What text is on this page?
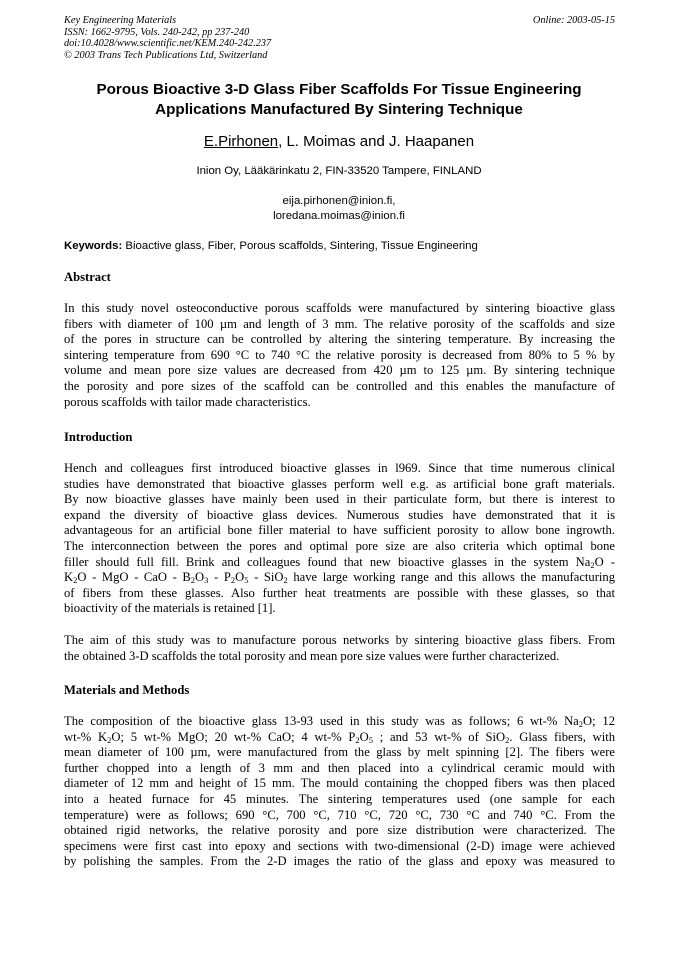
Key Engineering Materials
ISSN: 1662-9795, Vols. 240-242, pp 237-240
doi:10.4028/www.scientific.net/KEM.240-242.237
© 2003 Trans Tech Publications Ltd, Switzerland
Online: 2003-05-15
Porous Bioactive 3-D Glass Fiber Scaffolds For Tissue Engineering
Applications Manufactured By Sintering Technique
E.Pirhonen, L. Moimas and J. Haapanen
Inion Oy, Lääkärinkatu 2, FIN-33520 Tampere, FINLAND
eija.pirhonen@inion.fi,
loredana.moimas@inion.fi
Keywords: Bioactive glass, Fiber, Porous scaffolds, Sintering, Tissue Engineering
Abstract
In this study novel osteoconductive porous scaffolds were manufactured by sintering bioactive glass
fibers with diameter of 100 µm and length of 3 mm. The relative porosity of the scaffolds and size
of the pores in structure can be controlled by altering the sintering temperature. By increasing the
sintering temperature from 690 °C to 740 °C the relative porosity is decreased from 80% to 5 % by
volume and mean pore size values are decreased from 420 µm to 125 µm. By sintering technique
the porosity and pore sizes of the scaffold can be controlled and this enables the manufacture of
porous scaffolds with tailor made characteristics.
Introduction
Hench and colleagues first introduced bioactive glasses in l969. Since that time numerous clinical
studies have demonstrated that bioactive glasses perform well e.g. as artificial bone graft materials.
By now bioactive glasses have mainly been used in their particulate form, but there is interest to
expand the diversity of bioactive glass devices. Numerous studies have demonstrated that it is
advantageous for an artificial bone filler material to have sufficient porosity to allow bone ingrowth.
The interconnection between the pores and optimal pore size are also criteria which optimal bone
filler should full fill. Brink and colleagues found that new bioactive glasses in the system $Na_2O$ -
$K_2O$ - MgO - CaO - $B_2O_3 - P_2O_5 - SiO_2$ have large working range and this allows the manufacturing
of fibers from these glasses. Also further heat treatments are possible with these glasses, so that
bioactivity of the materials is retained [1].
The aim of this study was to manufacture porous networks by sintering bioactive glass fibers. From
the obtained 3-D scaffolds the total porosity and mean pore size values were further characterized.
Materials and Methods
The composition of the bioactive glass 13-93 used in this study was as follows; 6 wt-% $Na_2O$; 12
wt-% $K_2O$; 5 wt-% MgO; 20 wt-% CaO; 4 wt-% $P_2O_5$ ; and 53 wt-% of SiO$_2$. Glass fibers, with
mean diameter of 100 µm, were manufactured from the glass by melt spinning [2]. The fibers were
further chopped into a length of 3 mm and then placed into a cylindrical ceramic mould with
diameter of 12 mm and height of 15 mm. The mould containing the chopped fibers was then placed
into a heated furnace for 45 minutes. The sintering temperatures used (one sample for each
temperature) were as follows; 690 °C, 700 °C, 710 °C, 720 °C, 730 °C and 740 °C. From the
obtained rigid networks, the relative porosity and pore size distribution were characterized. The
specimens were first cast into epoxy and sections with two-dimensional (2-D) image were achieved
by polishing the samples. From the 2-D images the ratio of the glass and epoxy was measured to
